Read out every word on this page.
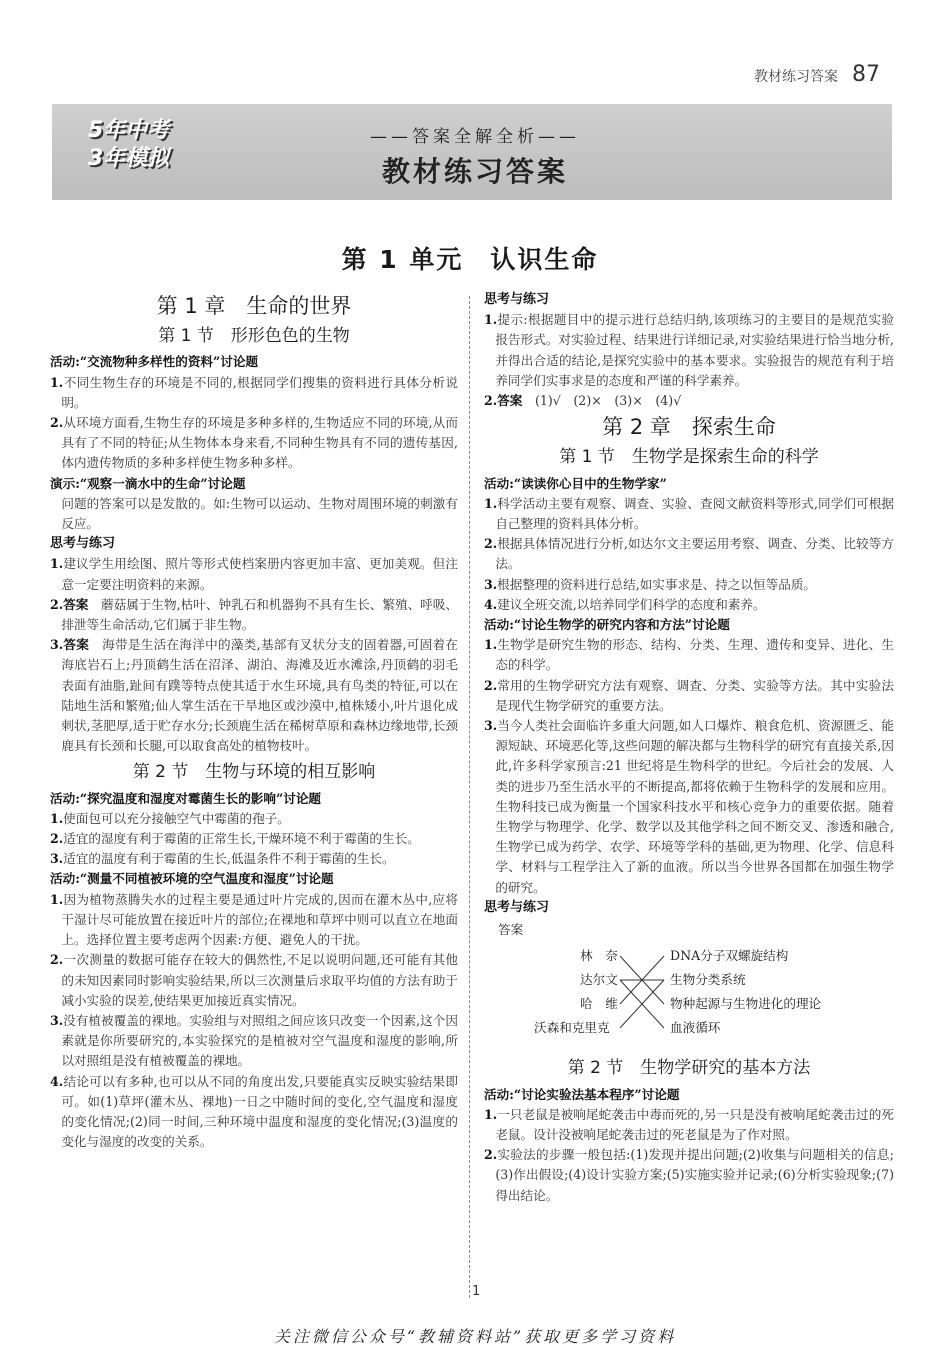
教材练习答案 87
5年中考
3年模拟
——答案全解全析——
教材练习答案
第 1 单元　认识生命
第 1 章　生命的世界
第 1 节　形形色色的生物
活动:“交流物种多样性的资料”讨论题

1.不同生物生存的环境是不同的,根据同学们搜集的资料进行具体分析说明。

2.从环境方面看,生物生存的环境是多种多样的,生物适应不同的环境,从而具有了不同的特征;从生物体本身来看,不同种生物具有不同的遗传基因,体内遗传物质的多种多样使生物多种多样。

演示:“观察一滴水中的生命”讨论题
问题的答案可以是发散的。如:生物可以运动、生物对周围环境的刺激有反应。
思考与练习

1.建议学生用绘图、照片等形式使档案册内容更加丰富、更加美观。但注意一定要注明资料的来源。

2.答案　蘑菇属于生物,枯叶、钟乳石和机器狗不具有生长、繁殖、呼吸、排泄等生命活动,它们属于非生物。

3.答案　海带是生活在海洋中的藻类,基部有叉状分支的固着器,可固着在海底岩石上;丹顶鹤生活在沼泽、湖泊、海滩及近水滩涂,丹顶鹤的羽毛表面有油脂,趾间有蹼等特点使其适于水生环境,具有鸟类的特征,可以在陆地生活和繁殖;仙人掌生活在干旱地区或沙漠中,植株矮小,叶片退化成刺状,茎肥厚,适于贮存水分;长颈鹿生活在稀树草原和森林边缘地带,长颈鹿具有长颈和长腿,可以取食高处的植物枝叶。

第 2 节　生物与环境的相互影响
活动:“探究温度和湿度对霉菌生长的影响”讨论题

1.使面包可以充分接触空气中霉菌的孢子。

2.适宜的湿度有利于霉菌的正常生长,干燥环境不利于霉菌的生长。

3.适宜的温度有利于霉菌的生长,低温条件不利于霉菌的生长。

活动:“测量不同植被环境的空气温度和湿度”讨论题

1.因为植物蒸腾失水的过程主要是通过叶片完成的,因而在灌木丛中,应将干湿计尽可能放置在接近叶片的部位;在裸地和草坪中则可以直立在地面上。选择位置主要考虑两个因素:方便、避免人的干扰。

2.一次测量的数据可能存在较大的偶然性,不足以说明问题,还可能有其他的未知因素同时影响实验结果,所以三次测量后求取平均值的方法有助于减小实验的误差,使结果更加接近真实情况。

3.没有植被覆盖的裸地。实验组与对照组之间应该只改变一个因素,这个因素就是你所要研究的,本实验探究的是植被对空气温度和湿度的影响,所以对照组是没有植被覆盖的裸地。

4.结论可以有多种,也可以从不同的角度出发,只要能真实反映实验结果即可。如(1)草坪(灌木丛、裸地)一日之中随时间的变化,空气温度和湿度的变化情况;(2)同一时间,三种环境中温度和湿度的变化情况;(3)温度的变化与湿度的改变的关系。

思考与练习

1.提示:根据题目中的提示进行总结归纳,该项练习的主要目的是规范实验报告形式。对实验过程、结果进行详细记录,对实验结果进行恰当地分析,并得出合适的结论,是探究实验中的基本要求。实验报告的规范有利于培养同学们实事求是的态度和严谨的科学素养。

2.答案　(1)√　(2)×　(3)×　(4)√

第 2 章　探索生命
第 1 节　生物学是探索生命的科学
活动:“读读你心目中的生物学家”

1.科学活动主要有观察、调查、实验、查阅文献资料等形式,同学们可根据自己整理的资料具体分析。

2.根据具体情况进行分析,如达尔文主要运用考察、调查、分类、比较等方法。

3.根据整理的资料进行总结,如实事求是、持之以恒等品质。

4.建议全班交流,以培养同学们科学的态度和素养。

活动:“讨论生物学的研究内容和方法”讨论题

1.生物学是研究生物的形态、结构、分类、生理、遗传和变异、进化、生态的科学。

2.常用的生物学研究方法有观察、调查、分类、实验等方法。其中实验法是现代生物学研究的重要方法。

3.当今人类社会面临许多重大问题,如人口爆炸、粮食危机、资源匮乏、能源短缺、环境恶化等,这些问题的解决都与生物科学的研究有直接关系,因此,许多科学家预言:21 世纪将是生物科学的世纪。今后社会的发展、人类的进步乃至生活水平的不断提高,都将依赖于生物科学的发展和应用。生物科技已成为衡量一个国家科技水平和核心竞争力的重要依据。随着生物学与物理学、化学、数学以及其他学科之间不断交叉、渗透和融合,生物学已成为药学、农学、环境等学科的基础,更为物理、化学、信息科学、材料与工程学注入了新的血液。所以当今世界各国都在加强生物学的研究。

思考与练习
答案
林　奈
达尔文
哈　维
沃森和克里克
DNA分子双螺旋结构
生物分类系统
物种起源与生物进化的理论
血液循环
第 2 节　生物学研究的基本方法
活动:“讨论实验法基本程序”讨论题

1.一只老鼠是被响尾蛇袭击中毒而死的,另一只是没有被响尾蛇袭击过的死老鼠。设计没被响尾蛇袭击过的死老鼠是为了作对照。

2.实验法的步骤一般包括:(1)发现并提出问题;(2)收集与问题相关的信息;(3)作出假设;(4)设计实验方案;(5)实施实验并记录;(6)分析实验现象;(7)得出结论。

1
关注微信公众号“教辅资料站”获取更多学习资料
